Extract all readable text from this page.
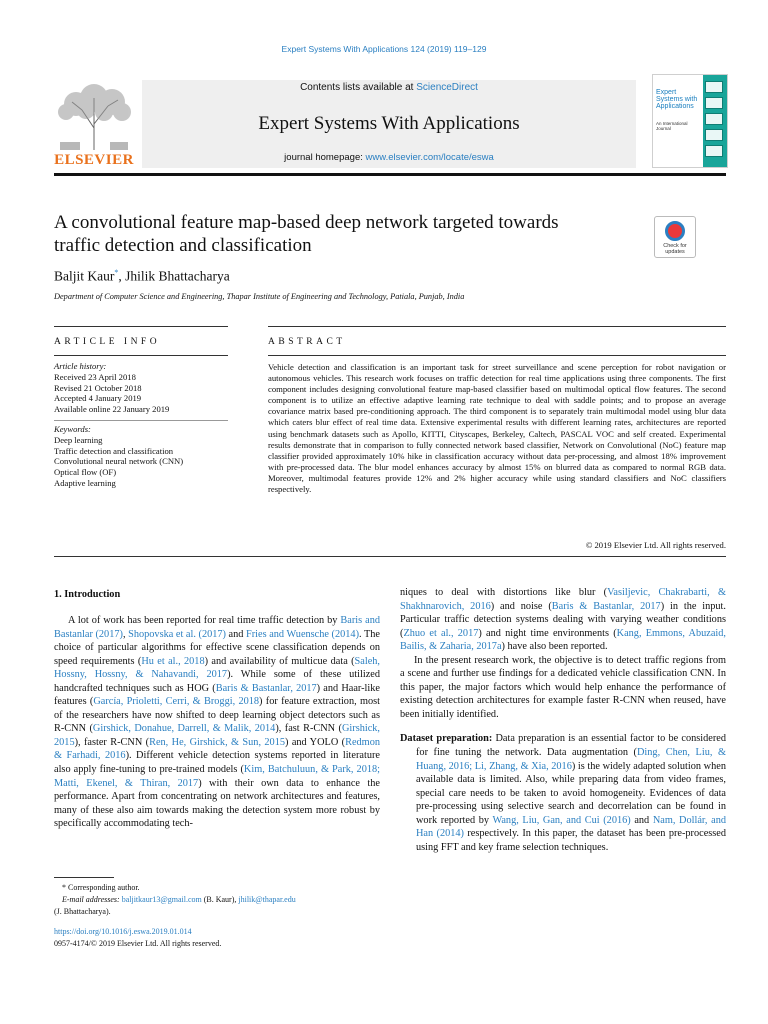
Expert Systems With Applications 124 (2019) 119–129
ELSEVIER
Contents lists available at ScienceDirect
Expert Systems With Applications
journal homepage: www.elsevier.com/locate/eswa
Expert Systems with Applications
An International Journal
A convolutional feature map-based deep network targeted towards
traffic detection and classification	Check for updates
Baljit Kaur*, Jhilik Bhattacharya
Department of Computer Science and Engineering, Thapar Institute of Engineering and Technology, Patiala, Punjab, India
ARTICLE INFO	ABSTRACT
Article history:
Received 23 April 2018
Revised 21 October 2018
Accepted 4 January 2019
Available online 22 January 2019
Keywords:
Deep learning
Traffic detection and classification
Convolutional neural network (CNN)
Optical flow (OF)
Adaptive learning
Vehicle detection and classification is an important task for street surveillance and scene perception for robot navigation or autonomous vehicles. This research work focuses on traffic detection for real time applications using three components. The first component includes designing convolutional feature map-based classifier based on multimodal optical flow features. The second component is to utilize an effective adaptive learning rate technique to deal with saddle points; and to propose an average covariance matrix based pre-conditioning approach. The third component is to separately train multimodal model using blur data which caters blur effect of real time data. Extensive experimental results with different learning rates, architectures are reported using benchmark datasets such as Apollo, KITTI, Cityscapes, Berkeley, Caltech, PASCAL VOC and self created. Experimental results demonstrate that in comparison to fully connected network based classifier, Network on Convolutional (NoC) feature map classifier provided approximately 10% hike in classification accuracy without data per-processing, and almost 18% improvement with pre-processed data. The blur model enhances accuracy by almost 15% on blurred data as compared to normal RGB data. Moreover, multimodal features provide 12% and 2% higher accuracy while using standard classifiers and NoC classifiers respectively.
© 2019 Elsevier Ltd. All rights reserved.
1. Introduction

A lot of work has been reported for real time traffic detection by Baris and Bastanlar (2017), Shopovska et al. (2017) and Fries and Wuensche (2014). The choice of particular algorithms for effective scene classification depends on speed requirements (Hu et al., 2018) and availability of multicue data (Saleh, Hossny, Hossny, & Nahavandi, 2017). While some of these utilized handcrafted techniques such as HOG (Baris & Bastanlar, 2017) and Haar-like features (García, Prioletti, Cerri, & Broggi, 2018) for feature extraction, most of the researchers have now shifted to deep learning object detectors such as R-CNN (Girshick, Donahue, Darrell, & Malik, 2014), fast R-CNN (Girshick, 2015), faster R-CNN (Ren, He, Girshick, & Sun, 2015) and YOLO (Redmon & Farhadi, 2016). Different vehicle detection systems reported in literature also apply fine-tuning to pre-trained models (Kim, Batchuluun, & Park, 2018; Matti, Ekenel, & Thiran, 2017) with their own data to enhance the performance. Apart from concentrating on network architectures and features, many of these also aim towards making the detection system more robust by specifically accommodating tech-

niques to deal with distortions like blur (Vasiljevic, Chakrabarti, & Shakhnarovich, 2016) and noise (Baris & Bastanlar, 2017) in the input. Particular traffic detection systems dealing with varying weather conditions (Zhuo et al., 2017) and night time environments (Kang, Emmons, Abuzaid, Bailis, & Zaharia, 2017a) have also been reported.

In the present research work, the objective is to detect traffic regions from a scene and further use findings for a dedicated vehicle classification CNN. In this paper, the major factors which would help enhance the performance of existing detection architectures for example faster R-CNN when reused, have been initially identified.

Dataset preparation: Data preparation is an essential factor to be considered for fine tuning the network. Data augmentation (Ding, Chen, Liu, & Huang, 2016; Li, Zhang, & Xia, 2016) is the widely adapted solution when available data is limited. Also, while preparing data from video frames, special care needs to be taken to avoid homogeneity. Evidences of data pre-processing using selective search and decorrelation can be found in work reported by Wang, Liu, Gan, and Cui (2016) and Nam, Dollár, and Han (2014) respectively. In this paper, the dataset has been pre-processed using FFT and key frame selection techniques.

* Corresponding author.
E-mail addresses: baljitkaur13@gmail.com (B. Kaur), jhilik@thapar.edu
(J. Bhattacharya).
https://doi.org/10.1016/j.eswa.2019.01.014
0957-4174/© 2019 Elsevier Ltd. All rights reserved.
